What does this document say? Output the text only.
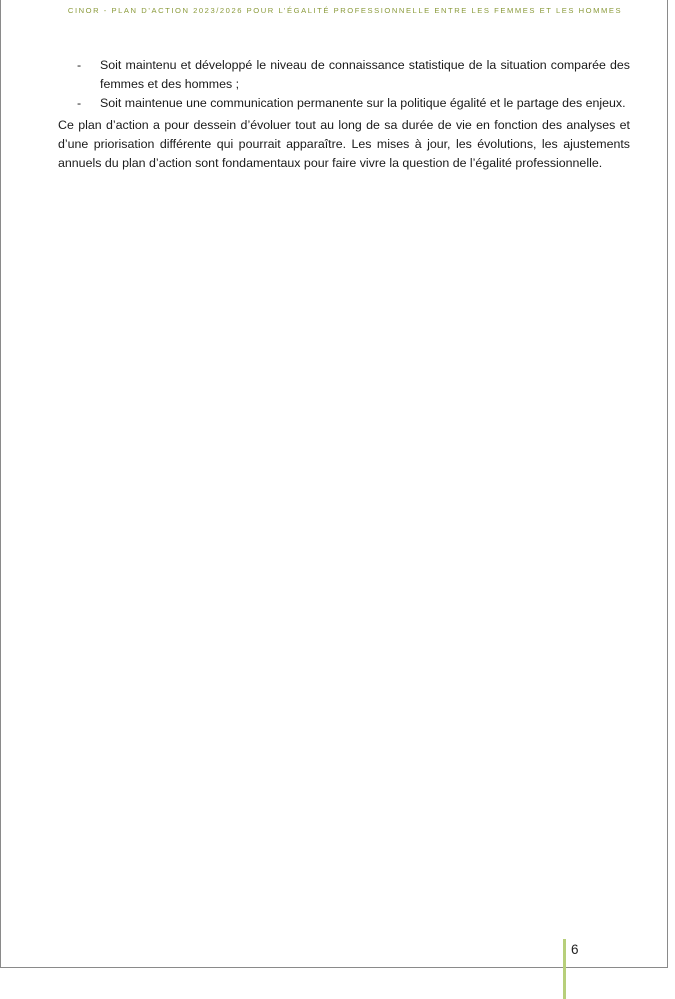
CINOR - PLAN D’ACTION 2023/2026 POUR L’ÉGALITÉ PROFESSIONNELLE ENTRE LES FEMMES ET LES HOMMES
- Soit maintenu et développé le niveau de connaissance statistique de la situation comparée des femmes et des hommes ;
- Soit maintenue une communication permanente sur la politique égalité et le partage des enjeux.

Ce plan d’action a pour dessein d’évoluer tout au long de sa durée de vie en fonction des analyses et d’une priorisation différente qui pourrait apparaître. Les mises à jour, les évolutions, les ajustements annuels du plan d’action sont fondamentaux pour faire vivre la question de l’égalité professionnelle.

6
